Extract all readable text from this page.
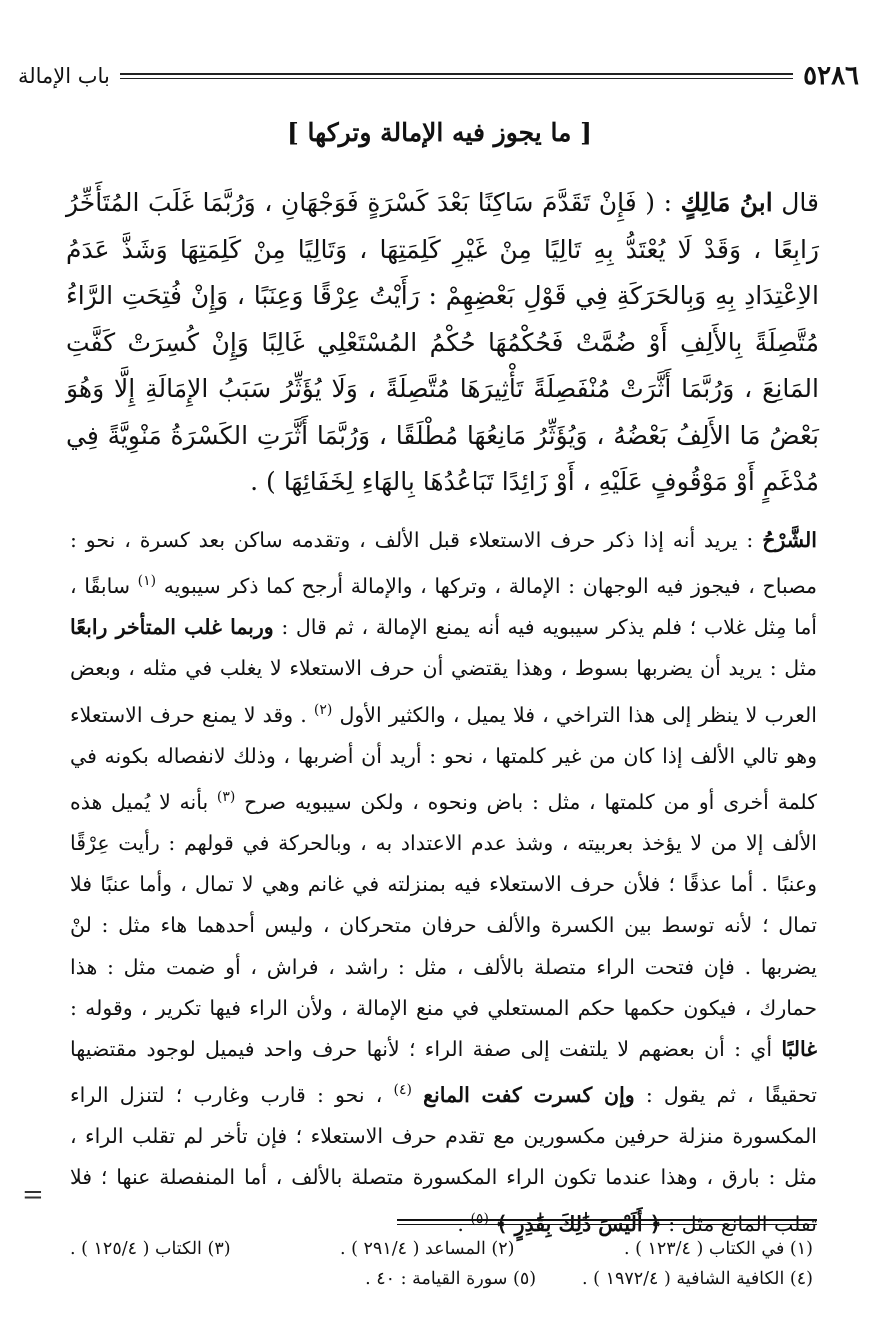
٥٢٨٦
باب الإمالة
[ ما يجوز فيه الإمالة وتركها ]
قال ابنُ مَالِكٍ : ( فَإِنْ تَقَدَّمَ سَاكِنًا بَعْدَ كَسْرَةٍ فَوَجْهَانِ ، وَرُبَّمَا غَلَبَ المُتَأَخِّرُ رَابِعًا ، وَقَدْ لَا يُعْتَدُّ بِهِ تَالِيًا مِنْ غَيْرِ كَلِمَتِهَا ، وَتَالِيًا مِنْ كَلِمَتِهَا وَشَذَّ عَدَمُ الاِعْتِدَادِ بِهِ وَبِالحَرَكَةِ فِي قَوْلِ بَعْضِهِمْ : رَأَيْتُ عِرْقًا وَعِنَبًا ، وَإِنْ فُتِحَتِ الرَّاءُ مُتَّصِلَةً بِالأَلِفِ أَوْ ضُمَّتْ فَحُكْمُهَا حُكْمُ المُسْتَعْلِي غَالِبًا وَإِنْ كُسِرَتْ كَفَّتِ المَانِعَ ، وَرُبَّمَا أَثَّرَتْ مُنْفَصِلَةً تَأْثِيرَهَا مُتَّصِلَةً ، وَلَا يُؤَثِّرُ سَبَبُ الإِمَالَةِ إِلَّا وَهُوَ بَعْضُ مَا الأَلِفُ بَعْضُهُ ، وَيُؤَثِّرُ مَانِعُهَا مُطْلَقًا ، وَرُبَّمَا أَثَّرَتِ الكَسْرَةُ مَنْوِيَّةً فِي مُدْغَمٍ أَوْ مَوْقُوفٍ عَلَيْهِ ، أَوْ زَائِدًا تَبَاعُدُهَا بِالهَاءِ لِخَفَائِهَا ) .

الشَّرْحُ : يريد أنه إذا ذكر حرف الاستعلاء قبل الألف ، وتقدمه ساكن بعد كسرة ، نحو : مصباح ، فيجوز فيه الوجهان : الإمالة ، وتركها ، والإمالة أرجح كما ذكر سيبويه $^{(١)}$ سابقًا ، أما مِثل غلاب ؛ فلم يذكر سيبويه فيه أنه يمنع الإمالة ، ثم قال : وربما غلب المتأخر رابعًا مثل : يريد أن يضربها بسوط ، وهذا يقتضي أن حرف الاستعلاء لا يغلب في مثله ، وبعض العرب لا ينظر إلى هذا التراخي ، فلا يميل ، والكثير الأول $^{(٢)}$ . وقد لا يمنع حرف الاستعلاء وهو تالي الألف إذا كان من غير كلمتها ، نحو : أريد أن أضربها ، وذلك لانفصاله بكونه في كلمة أخرى أو من كلمتها ، مثل : باض ونحوه ، ولكن سيبويه صرح $^{(٣)}$ بأنه لا يُميل هذه الألف إلا من لا يؤخذ بعربيته ، وشذ عدم الاعتداد به ، وبالحركة في قولهم : رأيت عِرْقًا وعنبًا . أما عذقًا ؛ فلأن حرف الاستعلاء فيه بمنزلته في غانم وهي لا تمال ، وأما عنبًا فلا تمال ؛ لأنه توسط بين الكسرة والألف حرفان متحركان ، وليس أحدهما هاء مثل : لنْ يضربها . فإن فتحت الراء متصلة بالألف ، مثل : راشد ، فراش ، أو ضمت مثل : هذا حمارك ، فيكون حكمها حكم المستعلي في منع الإمالة ، ولأن الراء فيها تكرير ، وقوله : غالبًا أي : أن بعضهم لا يلتفت إلى صفة الراء ؛ لأنها حرف واحد فيميل لوجود مقتضيها تحقيقًا ، ثم يقول : وإن كسرت كفت المانع $^{(٤)}$ ، نحو : قارب وغارب ؛ لتنزل الراء المكسورة منزلة حرفين مكسورين مع تقدم حرف الاستعلاء ؛ فإن تأخر لم تقلب الراء ، مثل : بارق ، وهذا عندما تكون الراء المكسورة متصلة بالألف ، أما المنفصلة عنها ؛ فلا تقلب المانع مثل : ﴿ أَلَيْسَ ذَٰلِكَ بِقَٰدِرٍ ﴾ $^{(٥)}$ .

=
(١) في الكتاب ( ١٢٣/٤ ) .
(٢) المساعد ( ٢٩١/٤ ) .
(٣) الكتاب ( ١٢٥/٤ ) .
(٤) الكافية الشافية ( ١٩٧٢/٤ ) .
(٥) سورة القيامة : ٤٠ .
